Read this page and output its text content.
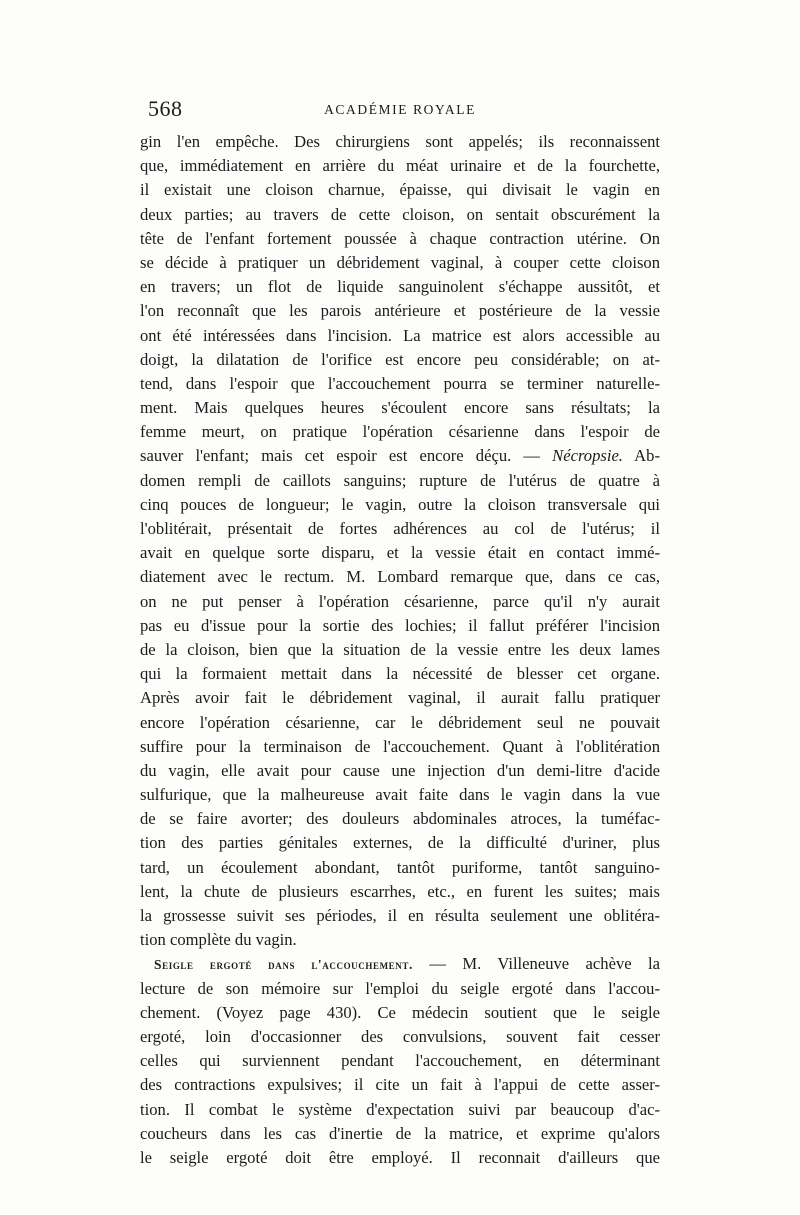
568	ACADÉMIE ROYALE
gin l'en empêche. Des chirurgiens sont appelés; ils reconnaissent
que, immédiatement en arrière du méat urinaire et de la fourchette,
il existait une cloison charnue, épaisse, qui divisait le vagin en
deux parties; au travers de cette cloison, on sentait obscurément la
tête de l'enfant fortement poussée à chaque contraction utérine. On
se décide à pratiquer un débridement vaginal, à couper cette cloison
en travers; un flot de liquide sanguinolent s'échappe aussitôt, et
l'on reconnaît que les parois antérieure et postérieure de la vessie
ont été intéressées dans l'incision. La matrice est alors accessible au
doigt, la dilatation de l'orifice est encore peu considérable; on at-
tend, dans l'espoir que l'accouchement pourra se terminer naturelle-
ment. Mais quelques heures s'écoulent encore sans résultats; la
femme meurt, on pratique l'opération césarienne dans l'espoir de
sauver l'enfant; mais cet espoir est encore déçu. — Nécropsie. Ab-
domen rempli de caillots sanguins; rupture de l'utérus de quatre à
cinq pouces de longueur; le vagin, outre la cloison transversale qui
l'oblitérait, présentait de fortes adhérences au col de l'utérus; il
avait en quelque sorte disparu, et la vessie était en contact immé-
diatement avec le rectum. M. Lombard remarque que, dans ce cas,
on ne put penser à l'opération césarienne, parce qu'il n'y aurait
pas eu d'issue pour la sortie des lochies; il fallut préférer l'incision
de la cloison, bien que la situation de la vessie entre les deux lames
qui la formaient mettait dans la nécessité de blesser cet organe.
Après avoir fait le débridement vaginal, il aurait fallu pratiquer
encore l'opération césarienne, car le débridement seul ne pouvait
suffire pour la terminaison de l'accouchement. Quant à l'oblitération
du vagin, elle avait pour cause une injection d'un demi-litre d'acide
sulfurique, que la malheureuse avait faite dans le vagin dans la vue
de se faire avorter; des douleurs abdominales atroces, la tuméfac-
tion des parties génitales externes, de la difficulté d'uriner, plus
tard, un écoulement abondant, tantôt puriforme, tantôt sanguino-
lent, la chute de plusieurs escarrhes, etc., en furent les suites; mais
la grossesse suivit ses périodes, il en résulta seulement une oblitéra-
tion complète du vagin.
Seigle ergoté dans l'accouchement. — M. Villeneuve achève la
lecture de son mémoire sur l'emploi du seigle ergoté dans l'accou-
chement. (Voyez page 430). Ce médecin soutient que le seigle
ergoté, loin d'occasionner des convulsions, souvent fait cesser
celles qui surviennent pendant l'accouchement, en déterminant
des contractions expulsives; il cite un fait à l'appui de cette asser-
tion. Il combat le système d'expectation suivi par beaucoup d'ac-
coucheurs dans les cas d'inertie de la matrice, et exprime qu'alors
le seigle ergoté doit être employé. Il reconnait d'ailleurs que
